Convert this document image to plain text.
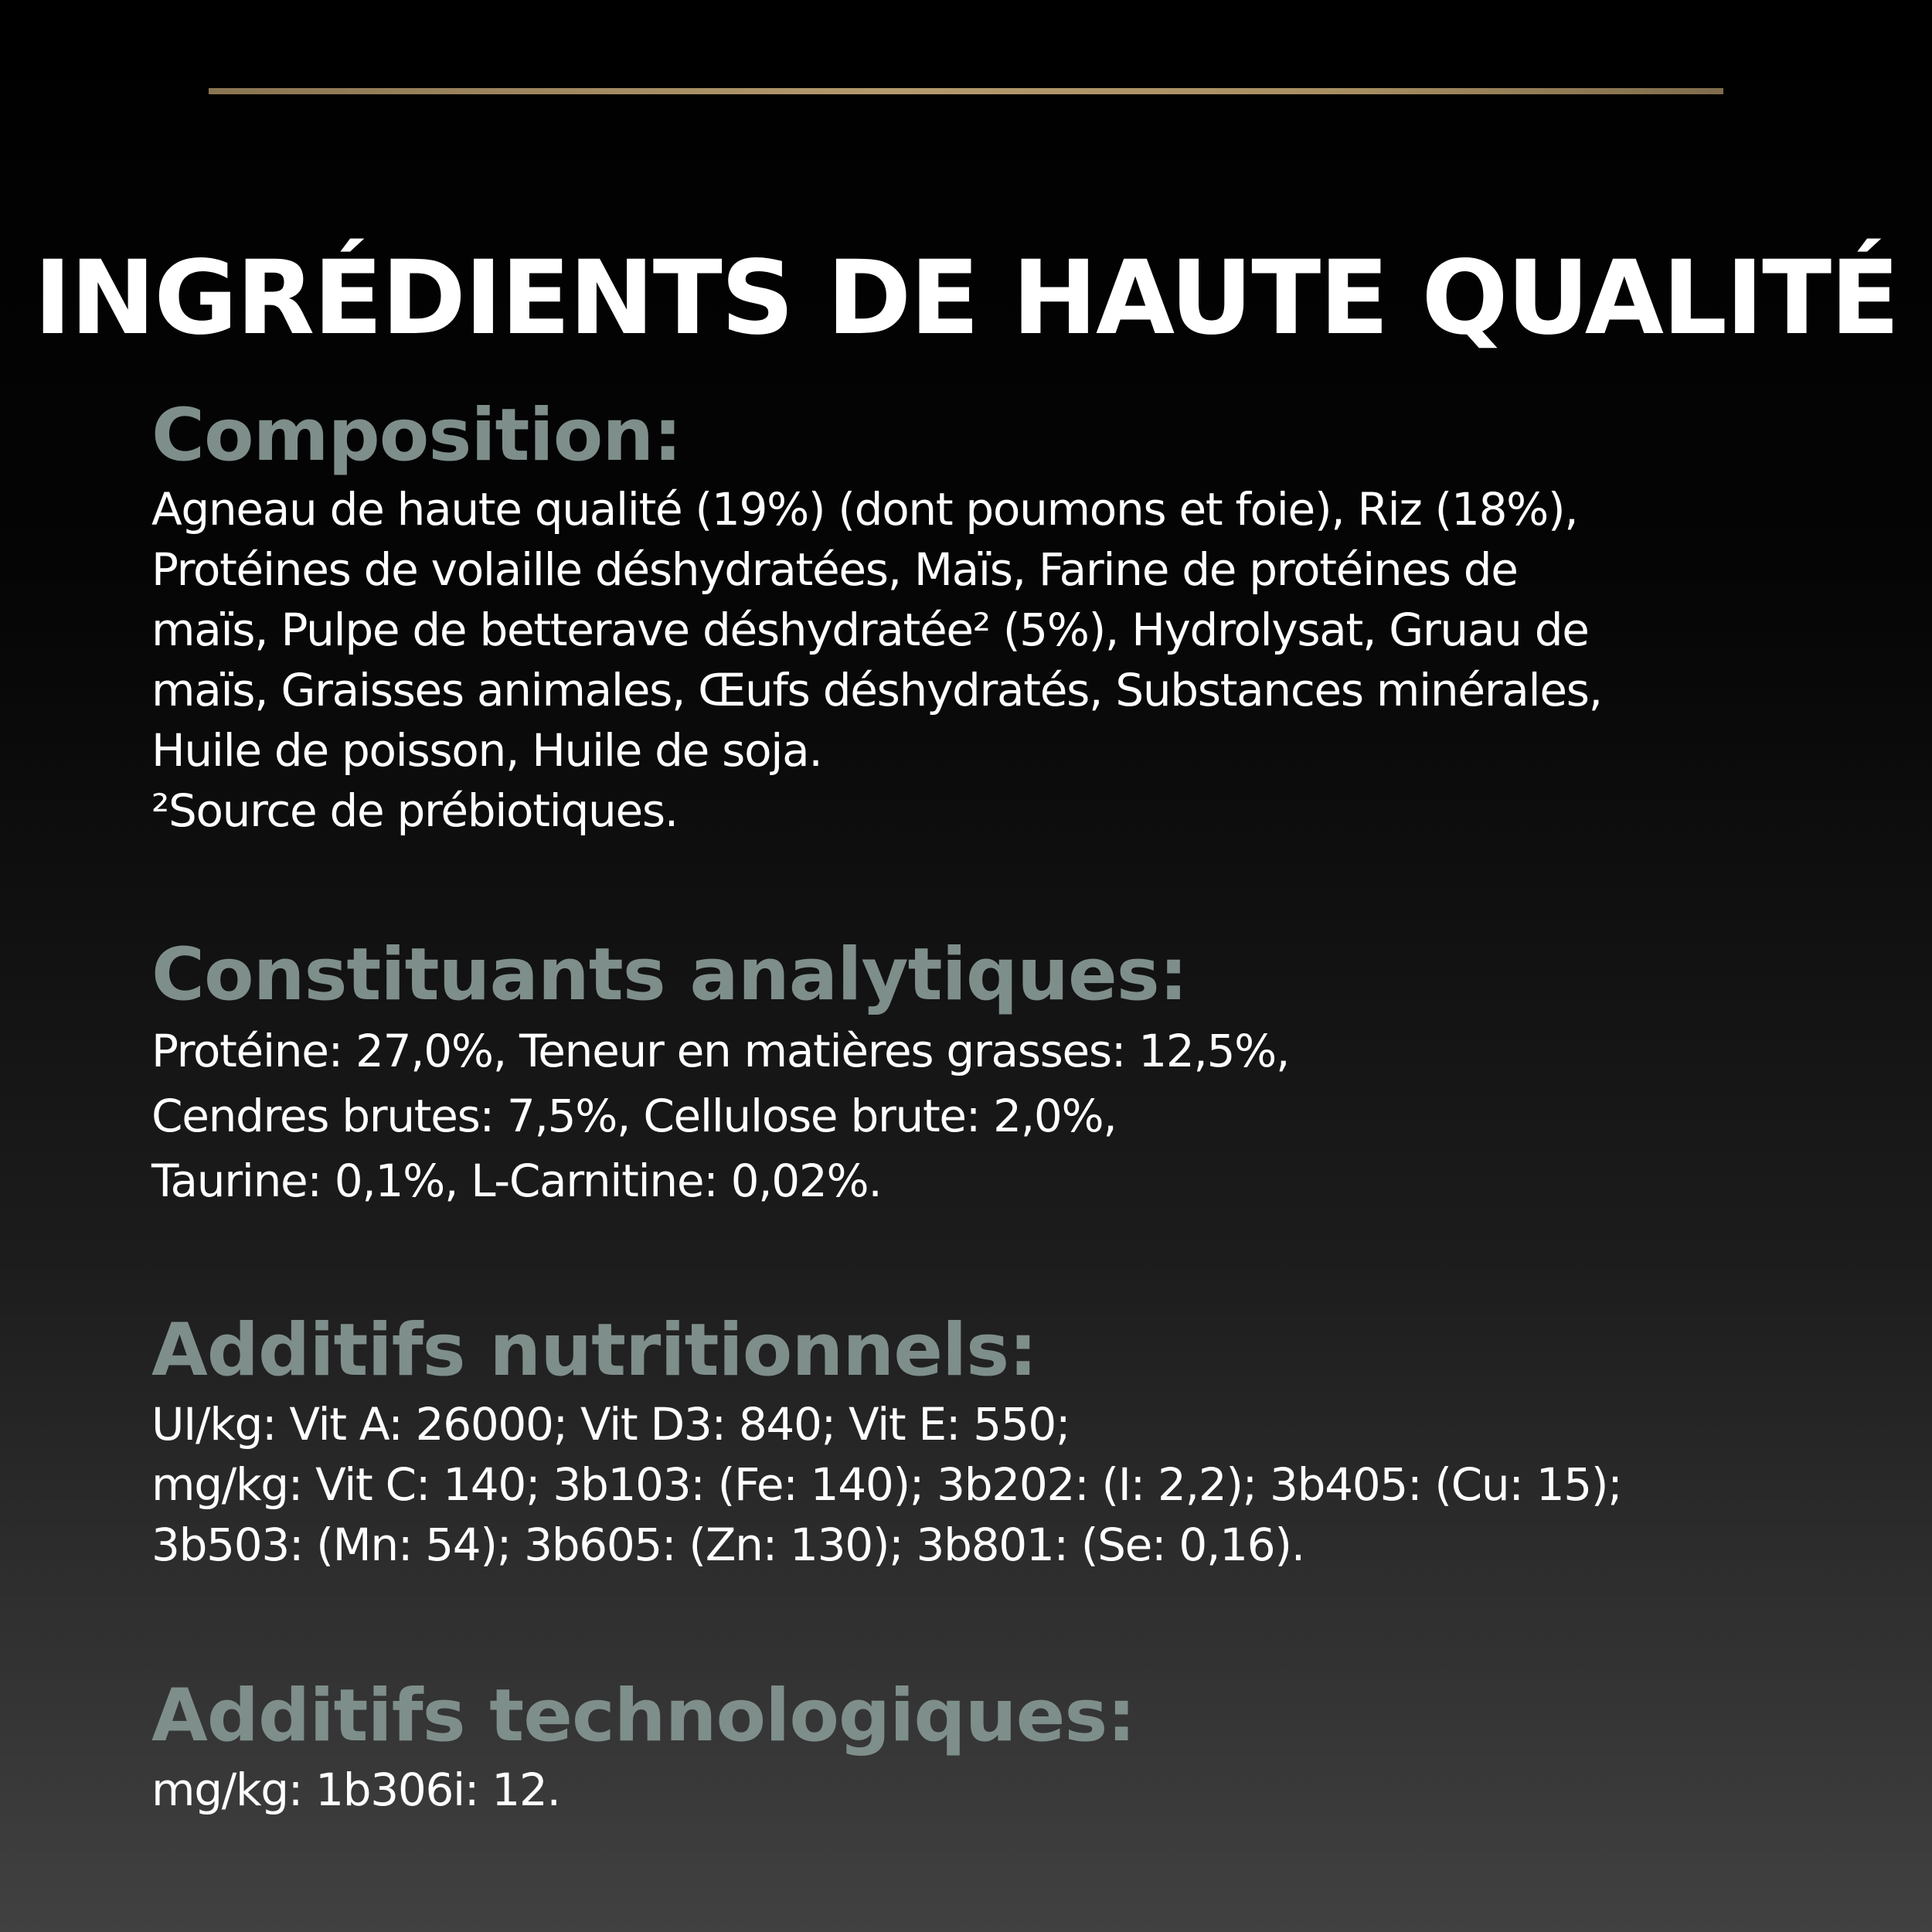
INGRÉDIENTS DE HAUTE QUALITÉ
Composition:
Agneau de haute qualité (19%) (dont poumons et foie), Riz (18%),
Protéines de volaille déshydratées, Maïs, Farine de protéines de
maïs, Pulpe de betterave déshydratée² (5%), Hydrolysat, Gruau de
maïs, Graisses animales, Œufs déshydratés, Substances minérales,
Huile de poisson, Huile de soja.
²Source de prébiotiques.
Constituants analytiques:
Protéine: 27,0%, Teneur en matières grasses: 12,5%,
Cendres brutes: 7,5%, Cellulose brute: 2,0%,
Taurine: 0,1%, L-Carnitine: 0,02%.
Additifs nutritionnels:
UI/kg: Vit A: 26000; Vit D3: 840; Vit E: 550;
mg/kg: Vit C: 140; 3b103: (Fe: 140); 3b202: (I: 2,2); 3b405: (Cu: 15);
3b503: (Mn: 54); 3b605: (Zn: 130); 3b801: (Se: 0,16).
Additifs technologiques:
mg/kg: 1b306i: 12.
